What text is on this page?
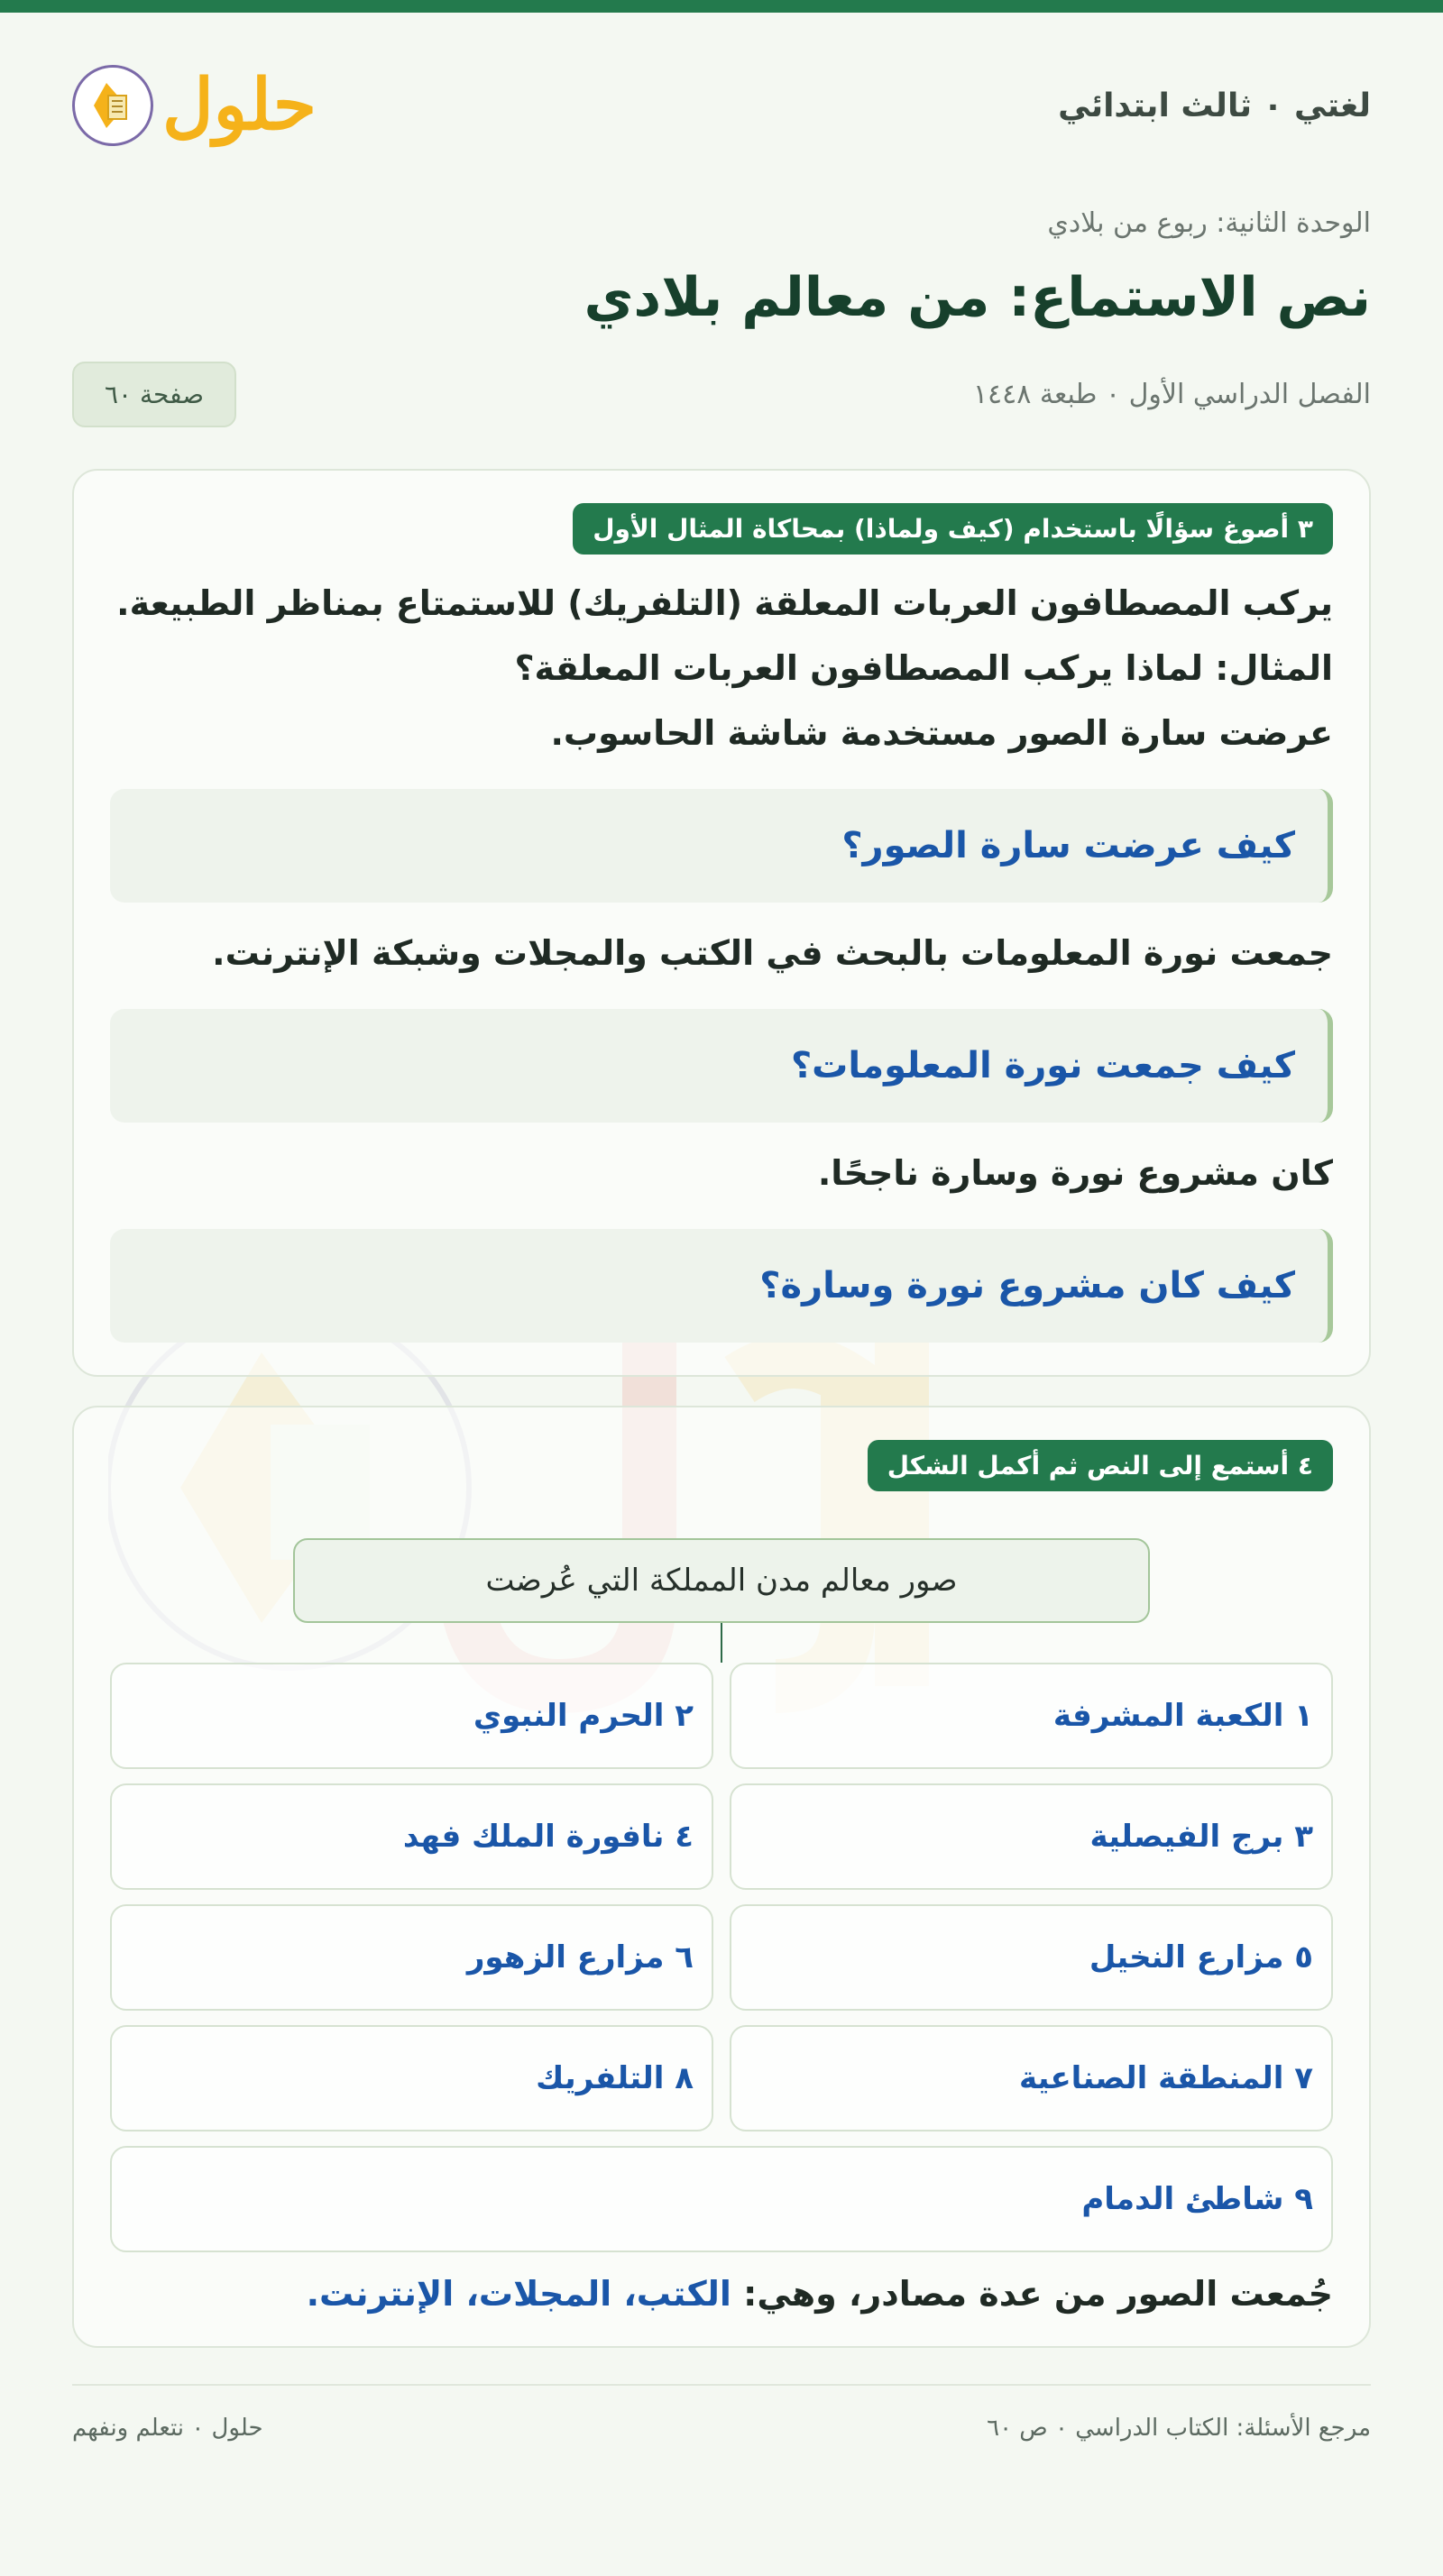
لغتي ٠ ثالث ابتدائي
حلول
الوحدة الثانية: ربوع من بلادي
نص الاستماع: من معالم بلادي
الفصل الدراسي الأول ٠ طبعة ١٤٤٨
صفحة ٦٠
٣ أصوغ سؤالًا باستخدام (كيف ولماذا) بمحاكاة المثال الأول

يركب المصطافون العربات المعلقة (التلفريك) للاستمتاع بمناظر الطبيعة.

المثال: لماذا يركب المصطافون العربات المعلقة؟

عرضت سارة الصور مستخدمة شاشة الحاسوب.

كيف عرضت سارة الصور؟

جمعت نورة المعلومات بالبحث في الكتب والمجلات وشبكة الإنترنت.

كيف جمعت نورة المعلومات؟

كان مشروع نورة وسارة ناجحًا.

كيف كان مشروع نورة وسارة؟
٤ أستمع إلى النص ثم أكمل الشكل
صور معالم مدن المملكة التي عُرضت
١ الكعبة المشرفة
٢ الحرم النبوي
٣ برج الفيصلية
٤ نافورة الملك فهد
٥ مزارع النخيل
٦ مزارع الزهور
٧ المنطقة الصناعية
٨ التلفريك
٩ شاطئ الدمام

جُمعت الصور من عدة مصادر، وهي: الكتب، المجلات، الإنترنت.

مرجع الأسئلة: الكتاب الدراسي ٠ ص ٦٠
حلول ٠ نتعلم ونفهم
